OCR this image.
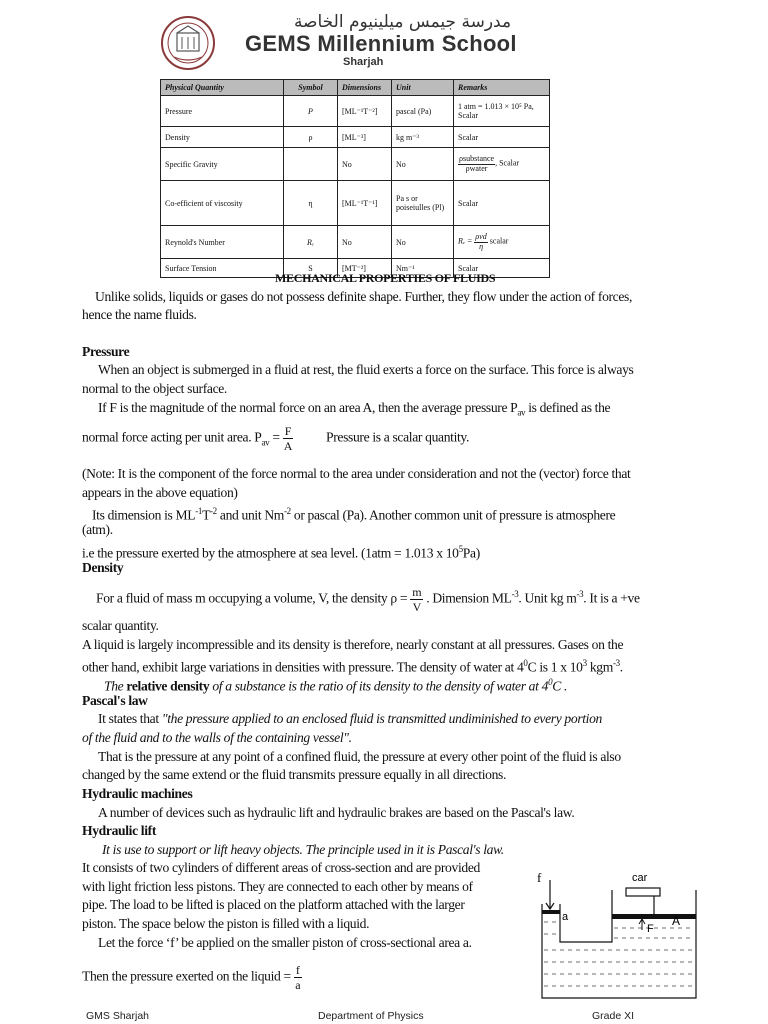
مدرسة جيمس ميلينيوم الخاصة
GEMS Millennium School
Sharjah
Physical Quantity	Symbol	Dimensions	Unit	Remarks
Pressure	P	[ML⁻¹T⁻²]	pascal (Pa)	1 atm = 1.013 × 10⁵ Pa, Scalar
Density	ρ	[ML⁻³]	kg m⁻³	Scalar
Specific Gravity		No	No	$\frac{\text{ρsubstance}}{\text{ρwater}}$ , Scalar
Co-efficient of viscosity	η	[ML⁻¹T⁻¹]	Pa s or poiseiulles (Pl)	Scalar
Reynold's Number	Rₑ	No	No	$R_e = \frac{\text{ρvd}}{\eta}$ scalar
Surface Tension	S	[MT⁻²]	Nm⁻¹	Scalar
MECHANICAL PROPERTIES OF FLUIDS
Unlike solids, liquids or gases do not possess definite shape. Further, they flow under the action of forces,
hence the name fluids.
Pressure
When an object is submerged in a fluid at rest, the fluid exerts a force on the surface. This force is always
normal to the object surface.
If F is the magnitude of the normal force on an area A, then the average pressure $P_{av}$ is defined as the
normal force acting per unit area. $P_{av} = \frac{F}{A}$ Pressure is a scalar quantity.
(Note: It is the component of the force normal to the area under consideration and not the (vector) force that
appears in the above equation)
Its dimension is $ML^{-1}T^{-2}$ and unit $Nm^{-2}$ or pascal (Pa). Another common unit of pressure is atmosphere
(atm).
i.e the pressure exerted by the atmosphere at sea level. (1atm = 1.013 x $10^5Pa$)
Density
For a fluid of mass m occupying a volume, V, the density $\rho = \frac{m}{V}$ . Dimension $ML^{-3}$. Unit kg $m^{-3}$. It is a +ve
scalar quantity.
A liquid is largely incompressible and its density is therefore, nearly constant at all pressures. Gases on the
other hand, exhibit large variations in densities with pressure. The density of water at $4^0C$ is 1 x $10^3$ kgm$^{-3}$.
The relative density of a substance is the ratio of its density to the density of water at $4^0C$ .
Pascal's law
It states that "the pressure applied to an enclosed fluid is transmitted undiminished to every portion
of the fluid and to the walls of the containing vessel".
That is the pressure at any point of a confined fluid, the pressure at every other point of the fluid is also
changed by the same extend or the fluid transmits pressure equally in all directions.
Hydraulic machines
A number of devices such as hydraulic lift and hydraulic brakes are based on the Pascal's law.
Hydraulic lift
It is use to support or lift heavy objects. The principle used in it is Pascal's law.
It consists of two cylinders of different areas of cross-section and are provided
with light friction less pistons. They are connected to each other by means of
pipe. The load to be lifted is placed on the platform attached with the larger
piston. The space below the piston is filled with a liquid.
Let the force ‘f’ be applied on the smaller piston of cross-sectional area a.
Then the pressure exerted on the liquid = $\frac{f}{a}$
f	car
a
F
A
GMS Sharjah	Department of Physics	Grade XI
